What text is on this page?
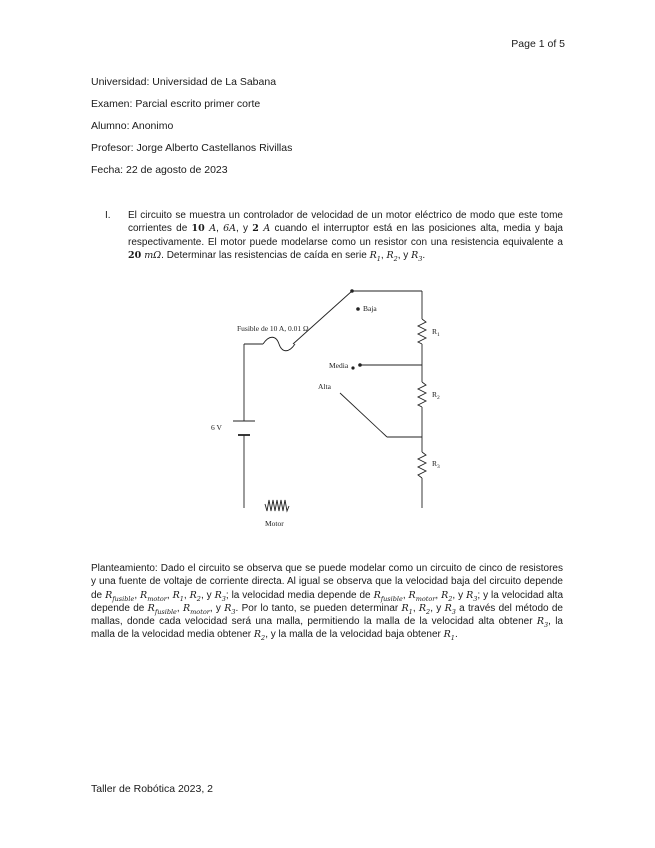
Page 1 of 5
Universidad: Universidad de La Sabana
Examen: Parcial escrito primer corte
Alumno: Anonimo
Profesor: Jorge Alberto Castellanos Rivillas
Fecha: 22 de agosto de 2023
I. El circuito se muestra un controlador de velocidad de un motor eléctrico de modo que este tome corrientes de 10 A, 6A, y 2 A cuando el interruptor está en las posiciones alta, media y baja respectivamente. El motor puede modelarse como un resistor con una resistencia equivalente a 20 mΩ. Determinar las resistencias de caída en serie $R_1$, $R_2$, y $R_3$.
Fusible de 10 A, 0.01 Ω
Baja
Media
Alta
6 V
$R_1$
$R_2$
$R_3$
Motor
Planteamiento: Dado el circuito se observa que se puede modelar como un circuito de cinco de resistores y una fuente de voltaje de corriente directa. Al igual se observa que la velocidad baja del circuito depende de $R_{fusible}$, $R_{motor}$, $R_1$, $R_2$, y $R_3$; la velocidad media depende de $R_{fusible}$, $R_{motor}$, $R_2$, y $R_3$; y la velocidad alta depende de $R_{fusible}$, $R_{motor}$, y $R_3$. Por lo tanto, se pueden determinar $R_1$, $R_2$, y $R_3$ a través del método de mallas, donde cada velocidad será una malla, permitiendo la malla de la velocidad alta obtener $R_3$, la malla de la velocidad media obtener $R_2$, y la malla de la velocidad baja obtener $R_1$.
Taller de Robótica 2023, 2
